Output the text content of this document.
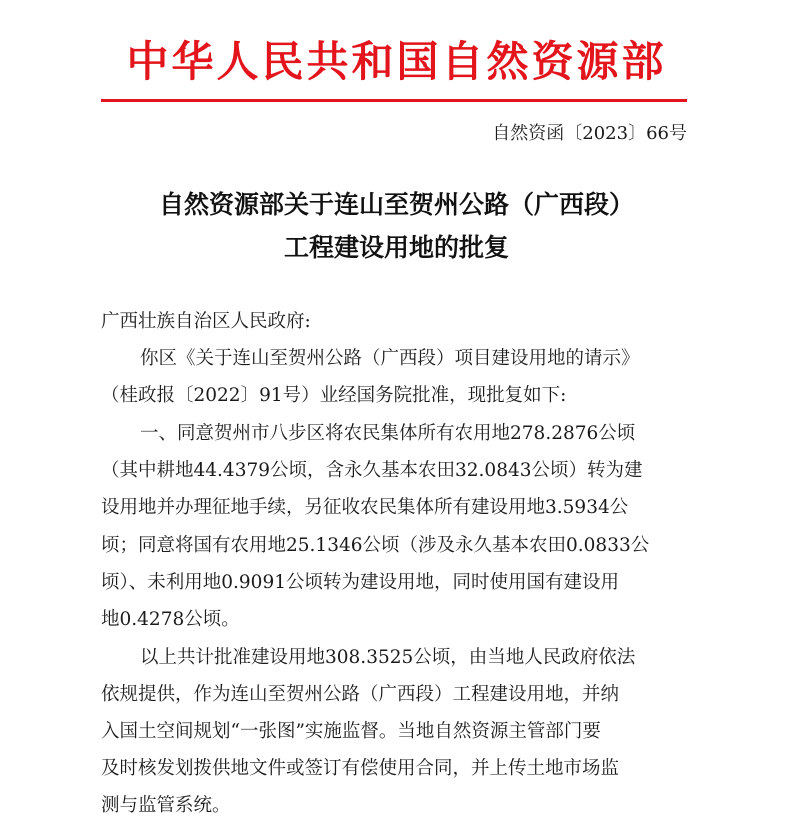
中华人民共和国自然资源部
自然资函〔2023〕66号
自然资源部关于连山至贺州公路（广西段）
工程建设用地的批复
广西壮族自治区人民政府:
你区《关于连山至贺州公路（广西段）项目建设用地的请示》
（桂政报〔2022〕91号）业经国务院批准，现批复如下:
一、同意贺州市八步区将农民集体所有农用地278.2876公顷
（其中耕地44.4379公顷，含永久基本农田32.0843公顷）转为建
设用地并办理征地手续，另征收农民集体所有建设用地3.5934公
顷；同意将国有农用地25.1346公顷（涉及永久基本农田0.0833公
顷）、未利用地0.9091公顷转为建设用地，同时使用国有建设用
地0.4278公顷。
以上共计批准建设用地308.3525公顷，由当地人民政府依法
依规提供，作为连山至贺州公路（广西段）工程建设用地，并纳
入国土空间规划“一张图”实施监督。当地自然资源主管部门要
及时核发划拨供地文件或签订有偿使用合同，并上传土地市场监
测与监管系统。
